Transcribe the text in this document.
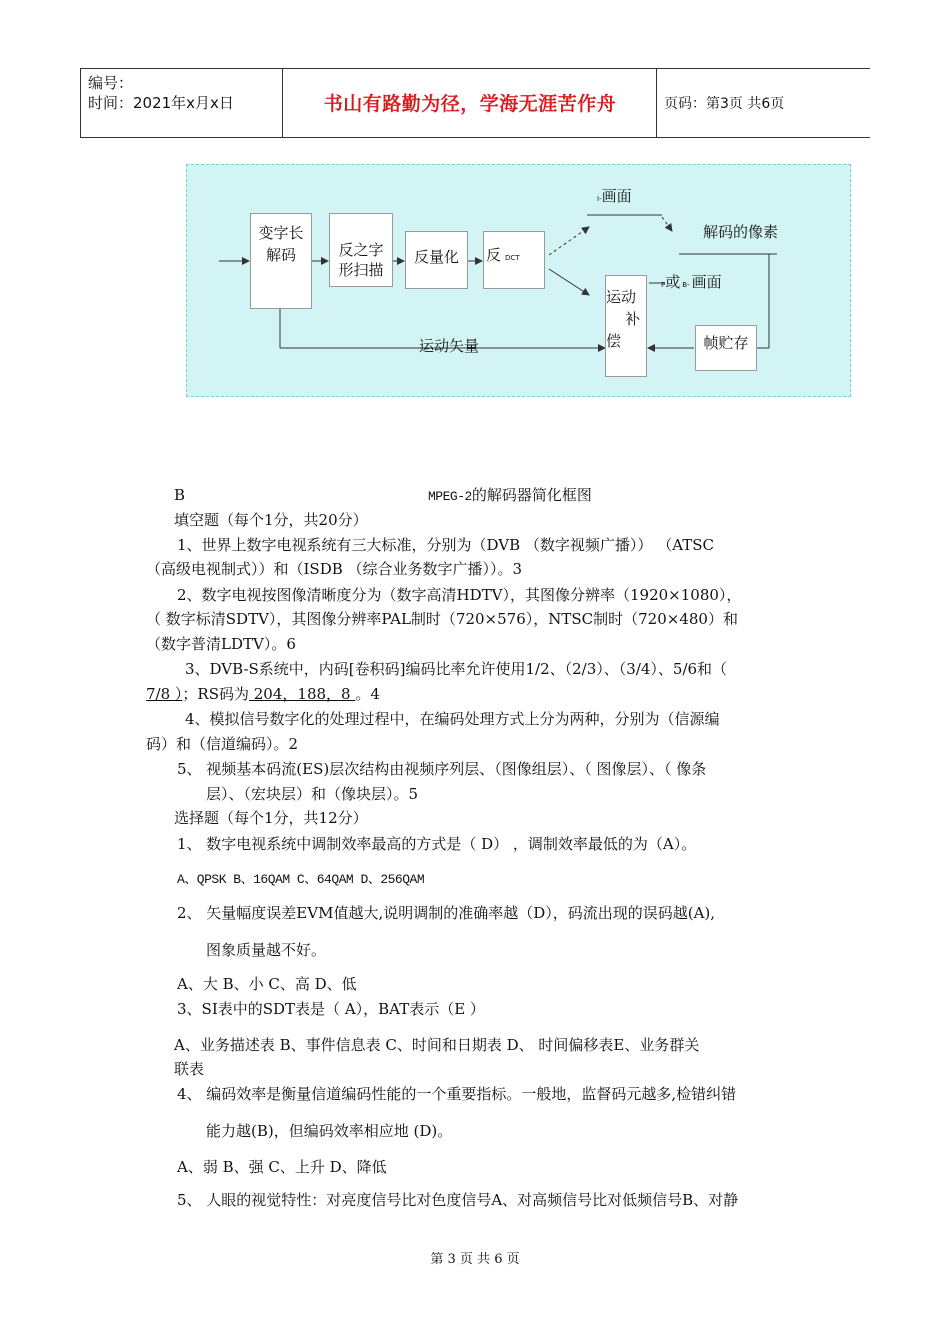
编号：
时间：2021年x月x日	书山有路勤为径，学海无涯苦作舟	页码：第3页 共6页
变字长
解码	反之字
形扫描
反量化	反DCT
运动
补
偿	帧贮存
I-画面
解码的像素
P或 B- 画面
运动矢量
B	MPEG-2的解码器简化框图
填空题（每个1分，共20分）
1、世界上数字电视系统有三大标准，分别为（DVB （数字视频广播）） （ATSC
（高级电视制式））和（ISDB （综合业务数字广播））。3
2、数字电视按图像清晰度分为（数字高清HDTV），其图像分辨率（1920×1080），
（ 数字标清SDTV），其图像分辨率PAL制时（720×576），NTSC制时（720×480）和
（数字普清LDTV）。6
3、DVB-S系统中，内码[卷积码]编码比率允许使用1/2、（2/3）、（3/4）、5/6和（
7/8 ）；RS码为 204，188，8 。4
4、模拟信号数字化的处理过程中，在编码处理方式上分为两种，分别为（信源编
码）和（信道编码）。2
5、 视频基本码流(ES)层次结构由视频序列层、（图像组层）、（ 图像层）、（ 像条
层）、（宏块层）和（像块层）。5
选择题（每个1分，共12分）
1、 数字电视系统中调制效率最高的方式是（ D） ，调制效率最低的为（A）。
A、QPSK B、16QAM C、64QAM D、256QAM
2、 矢量幅度误差EVM值越大,说明调制的准确率越（D），码流出现的误码越(A),
图象质量越不好。
A、大 B、小 C、高 D、低
3、SI表中的SDT表是（ A），BAT表示（E ）
A、业务描述表 B、事件信息表 C、时间和日期表 D、 时间偏移表E、业务群关
联表
4、 编码效率是衡量信道编码性能的一个重要指标。一般地，监督码元越多,检错纠错
能力越(B)，但编码效率相应地 (D)。
A、弱 B、强 C、上升 D、降低
5、 人眼的视觉特性：对亮度信号比对色度信号A、对高频信号比对低频信号B、对静
第 3 页 共 6 页
